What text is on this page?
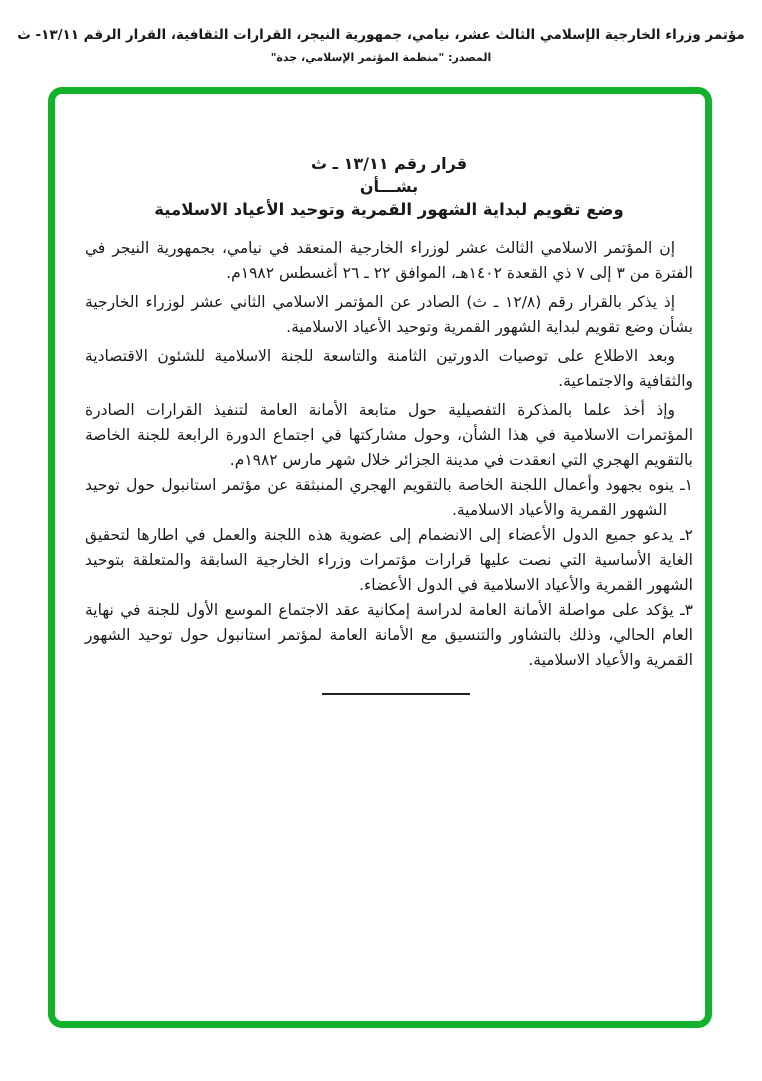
مؤتمر وزراء الخارجية الإسلامي الثالث عشر، نيامي، جمهورية النيجر، القرارات الثقافية، القرار الرقم ١٣/١١- ث
المصدر: "منظمة المؤتمر الإسلامي، جدة"
قرار رقم ١٣/١١ ـ ث
بشـــأن
وضع تقويم لبداية الشهور القمرية وتوحيد الأعياد الاسلامية

إن المؤتمر الاسلامي الثالث عشر لوزراء الخارجية المنعقد في نيامي، بجمهورية النيجر في الفترة من ٣ إلى ٧ ذي القعدة ١٤٠٢هـ، الموافق ٢٢ ـ ٢٦ أغسطس ١٩٨٢م.

إذ يذكر بالقرار رقم (١٢/٨ ـ ث) الصادر عن المؤتمر الاسلامي الثاني عشر لوزراء الخارجية بشأن وضع تقويم لبداية الشهور القمرية وتوحيد الأعياد الاسلامية.

وبعد الاطلاع على توصيات الدورتين الثامنة والتاسعة للجنة الاسلامية للشئون الاقتصادية والثقافية والاجتماعية.

وإذ أخذ علما بالمذكرة التفصيلية حول متابعة الأمانة العامة لتنفيذ القرارات الصادرة المؤتمرات الاسلامية في هذا الشأن، وحول مشاركتها في اجتماع الدورة الرابعة للجنة الخاصة بالتقويم الهجري التي انعقدت في مدينة الجزائر خلال شهر مارس ١٩٨٢م.

١ـ ينوه بجهود وأعمال اللجنة الخاصة بالتقويم الهجري المنبثقة عن مؤتمر استانبول حول توحيد الشهور القمرية والأعياد الاسلامية.
٢ـ يدعو جميع الدول الأعضاء إلى الانضمام إلى عضوية هذه اللجنة والعمل في اطارها لتحقيق الغاية الأساسية التي نصت عليها قرارات مؤتمرات وزراء الخارجية السابقة والمتعلقة بتوحيد الشهور القمرية والأعياد الاسلامية في الدول الأعضاء.
٣ـ يؤكد على مواصلة الأمانة العامة لدراسة إمكانية عقد الاجتماع الموسع الأول للجنة في نهاية العام الحالي، وذلك بالتشاور والتنسيق مع الأمانة العامة لمؤتمر استانبول حول توحيد الشهور القمرية والأعياد الاسلامية.
